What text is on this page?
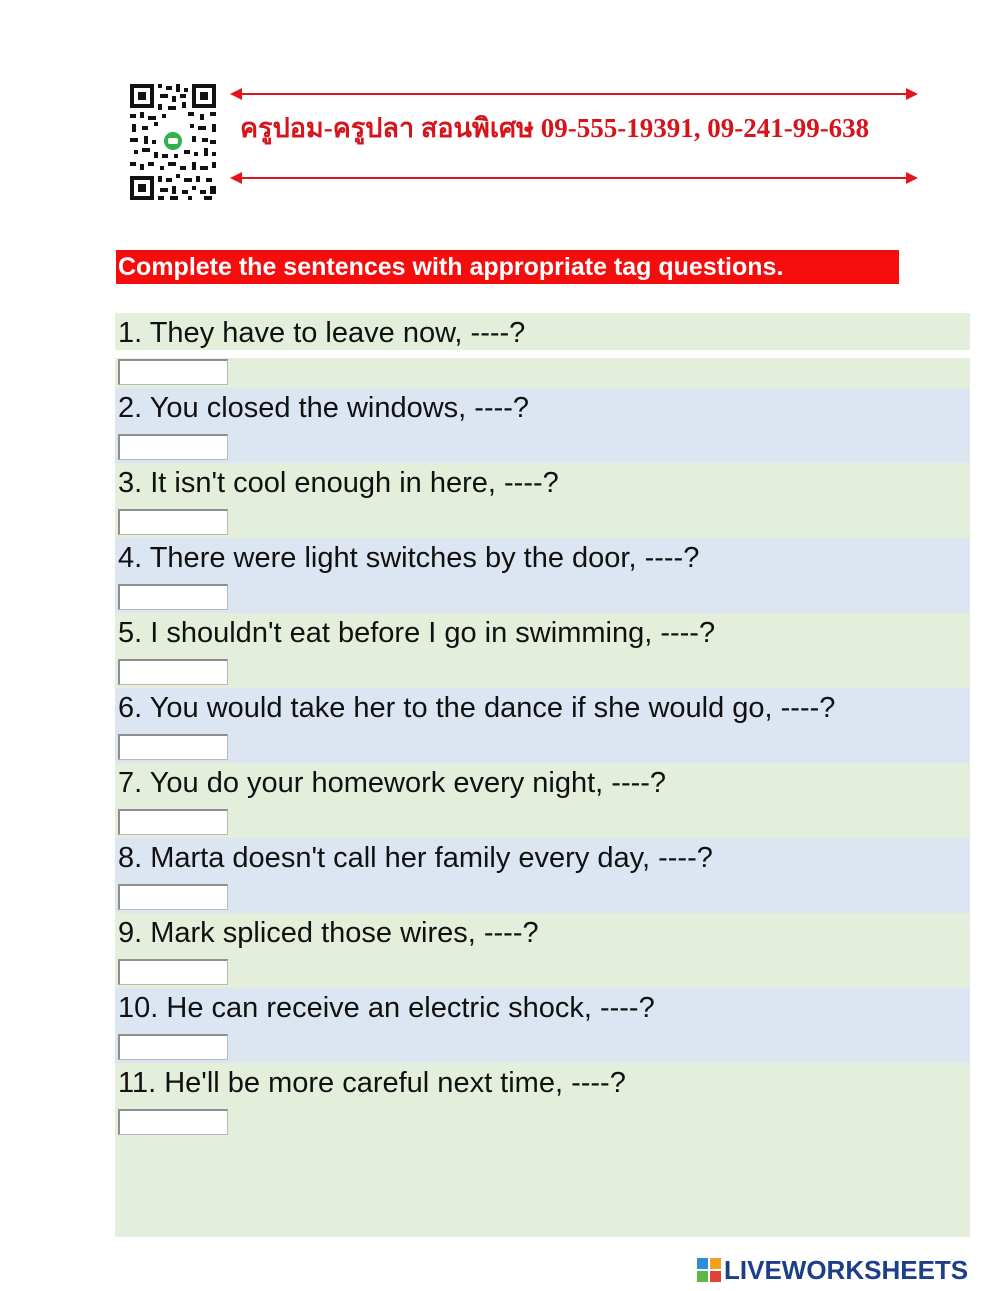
ครูปอม-ครูปลา สอนพิเศษ 09-555-19391, 09-241-99-638
Complete the sentences with appropriate tag questions.
1. They have to leave now, ----?
2. You closed the windows, ----?
3. It isn't cool enough in here, ----?
4. There were light switches by the door, ----?
5. I shouldn't eat before I go in swimming, ----?
6. You would take her to the dance if she would go, ----?
7. You do your homework every night, ----?
8. Marta doesn't call her family every day, ----?
9. Mark spliced those wires, ----?
10. He can receive an electric shock, ----?
11. He'll be more careful next time, ----?
LIVEWORKSHEETS
